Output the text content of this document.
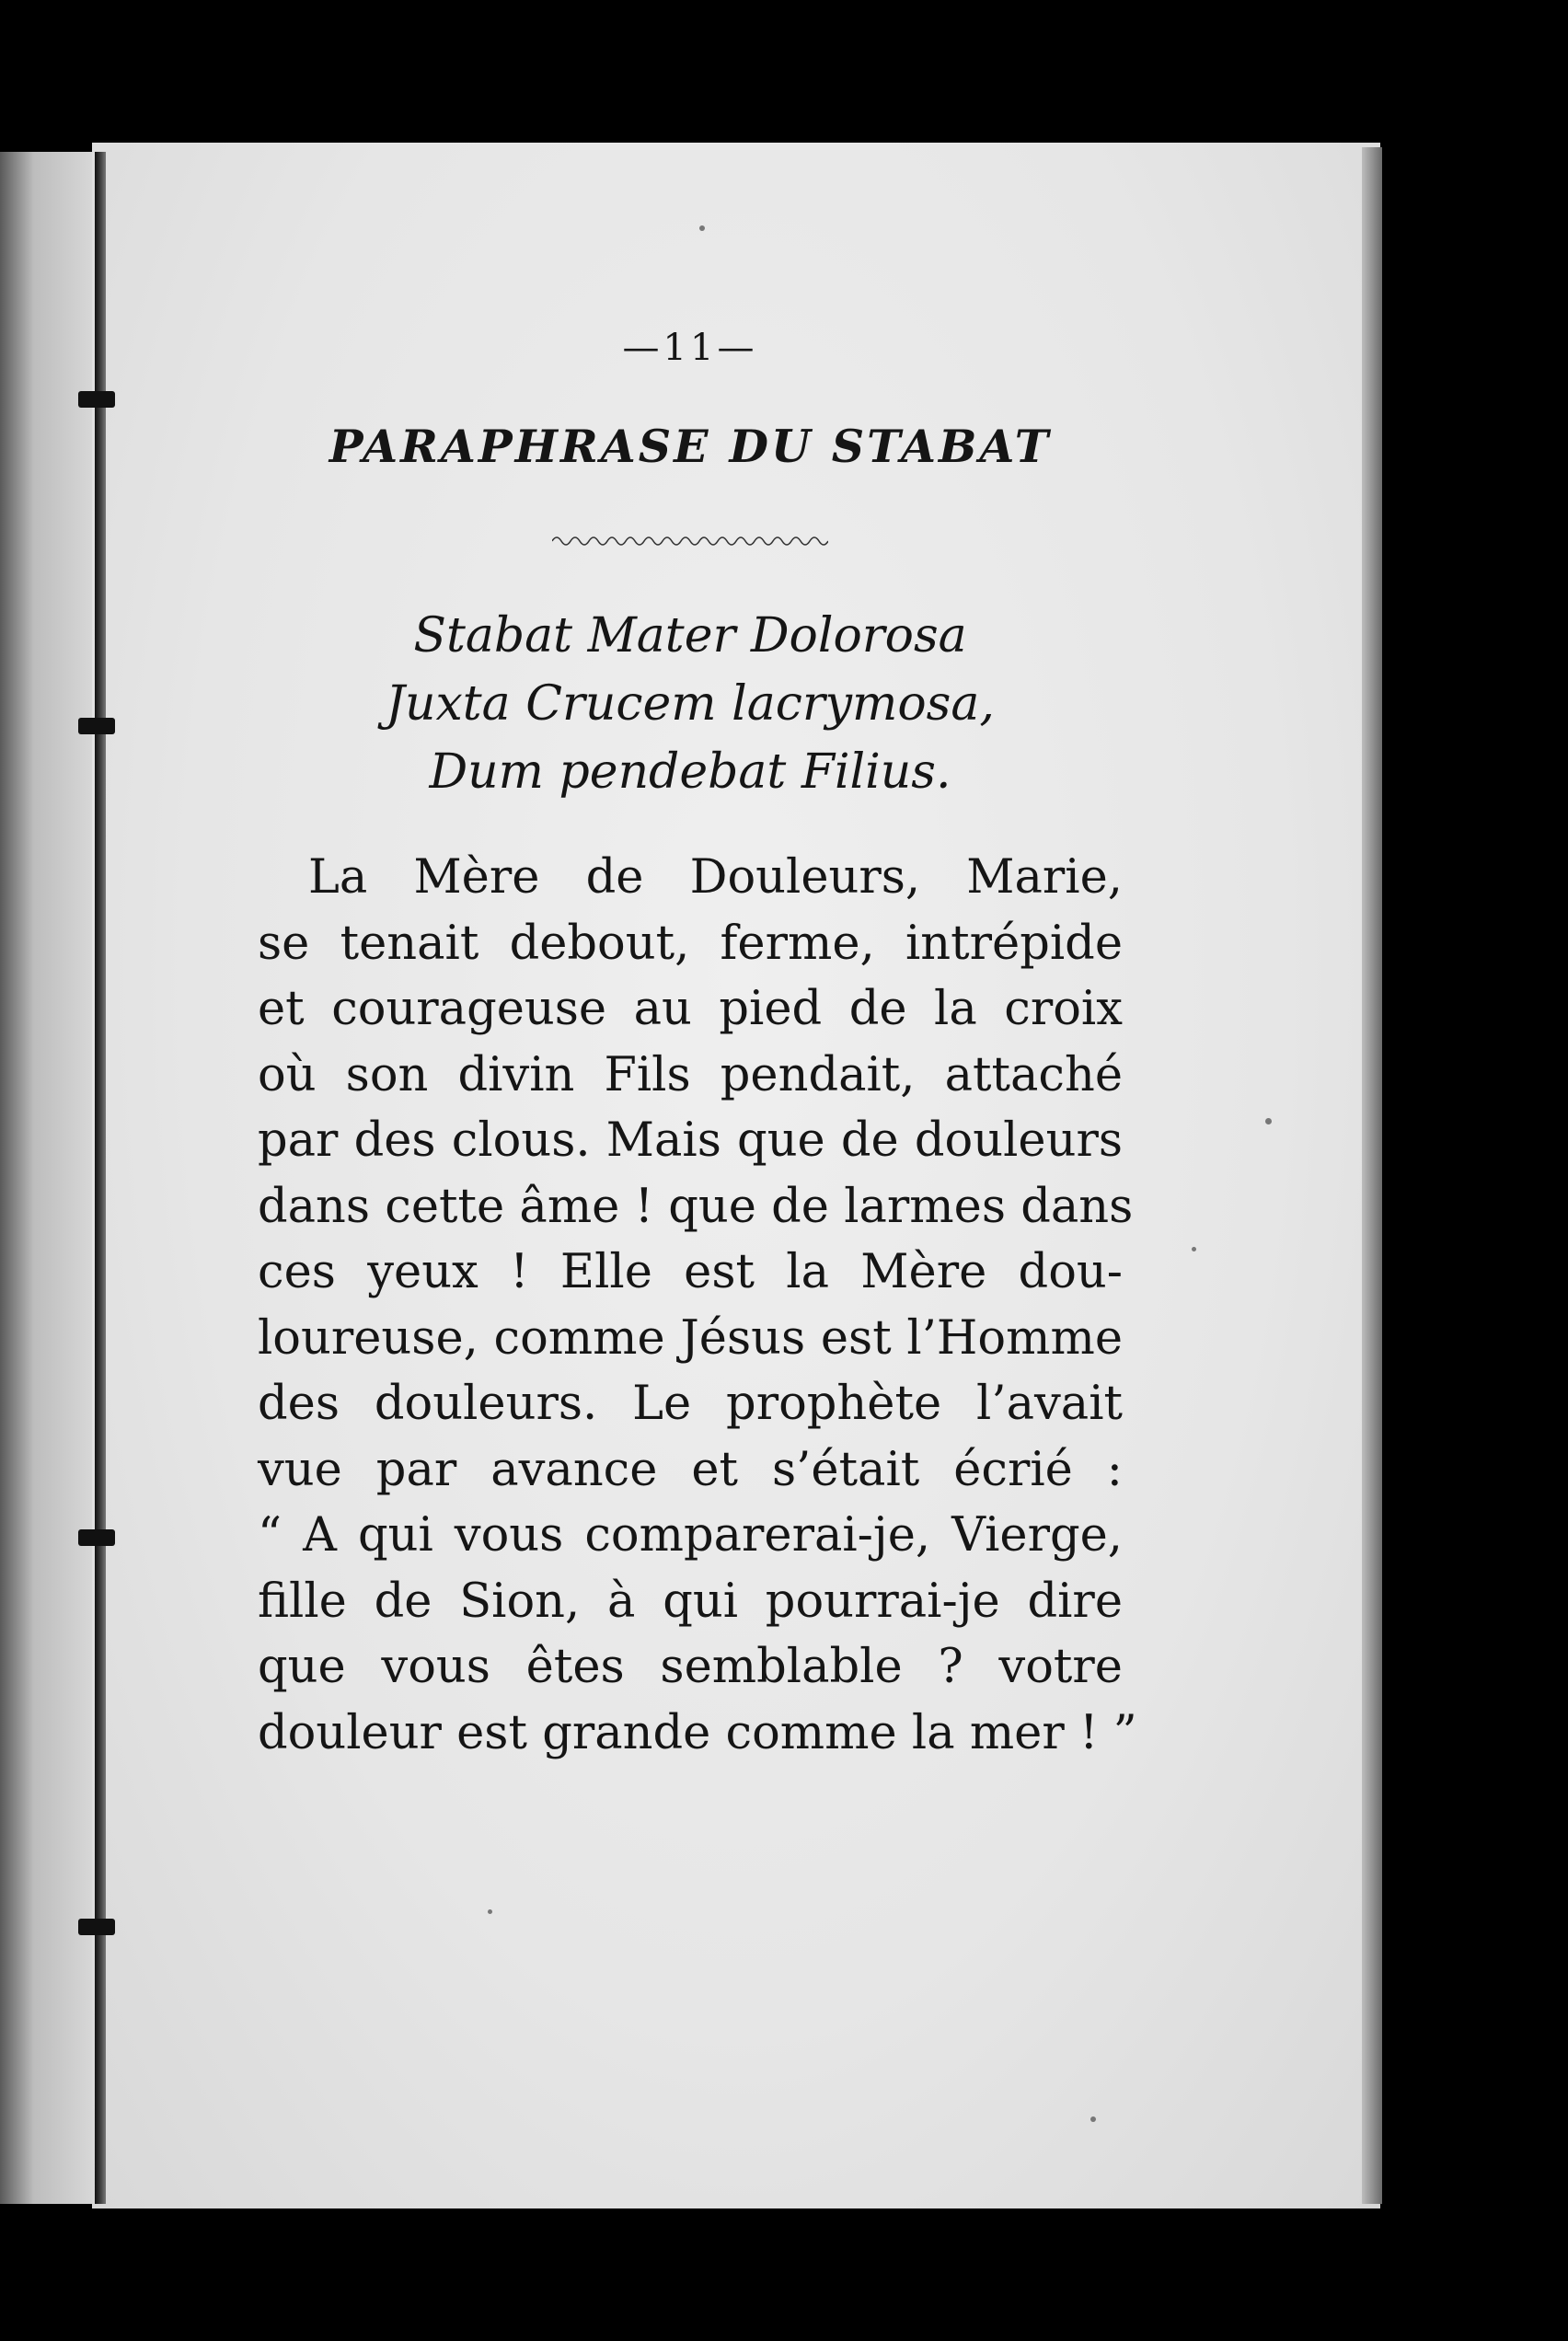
—11—

PARAPHRASE DU STABAT
Stabat Mater Dolorosa
Juxta Crucem lacrymosa,
Dum pendebat Filius.
La Mère de Douleurs, Marie,
se tenait debout, ferme, intrépide
et courageuse au pied de la croix
où son divin Fils pendait, attaché
par des clous. Mais que de douleurs
dans cette âme ! que de larmes dans
ces yeux ! Elle est la Mère dou-
loureuse, comme Jésus est l’Homme
des douleurs. Le prophète l’avait
vue par avance et s’était écrié :
“ A qui vous comparerai-je, Vierge,
fille de Sion, à qui pourrai-je dire
que vous êtes semblable ? votre
douleur est grande comme la mer ! ”
